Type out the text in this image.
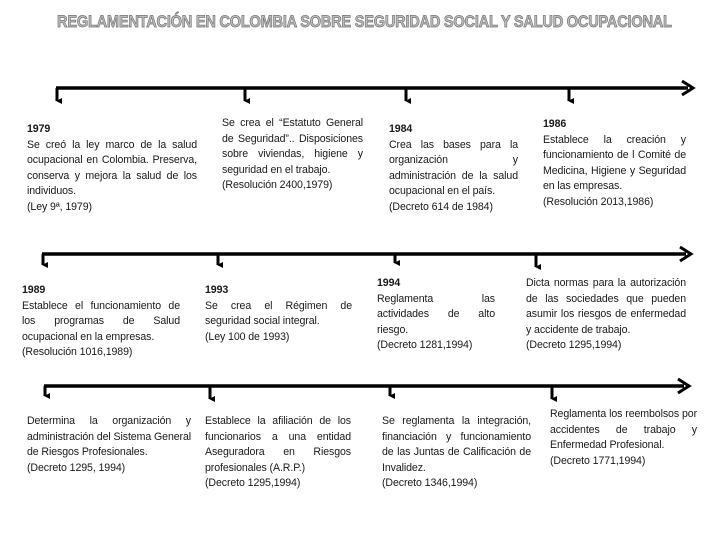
REGLAMENTACIÓN EN COLOMBIA SOBRE SEGURIDAD SOCIAL Y SALUD OCUPACIONAL
1979
Se creó la ley marco de la salud ocupacional en Colombia. Preserva, conserva y mejora la salud de los individuos.
(Ley 9ª, 1979)
Se crea el “Estatuto General de Seguridad”.. Disposiciones sobre viviendas, higiene y seguridad en el trabajo.
(Resolución 2400,1979)
1984
Crea las bases para la organización y administración de la salud ocupacional en el país.
(Decreto 614 de 1984)
1986
Establece la creación y funcionamiento de l Comité de Medicina, Higiene y Seguridad en las empresas.
(Resolución 2013,1986)
1989
Establece el funcionamiento de los programas de Salud ocupacional en la empresas.
(Resolución 1016,1989)
1993
Se crea el Régimen de seguridad social integral.
(Ley 100 de 1993)
1994
Reglamenta las actividades de alto riesgo.
(Decreto 1281,1994)
Dicta normas para la autorización de las sociedades que pueden asumir los riesgos de enfermedad y accidente de trabajo.
(Decreto 1295,1994)
Determina la organización y administración del Sistema General de Riesgos Profesionales.
(Decreto 1295, 1994)
Establece la afiliación de los funcionarios a una entidad Aseguradora en Riesgos profesionales (A.R.P.)
(Decreto 1295,1994)
Se reglamenta la integración, financiación y funcionamiento de las Juntas de Calificación de Invalidez.
(Decreto 1346,1994)
Reglamenta los reembolsos por accidentes de trabajo y Enfermedad Profesional.
(Decreto 1771,1994)
